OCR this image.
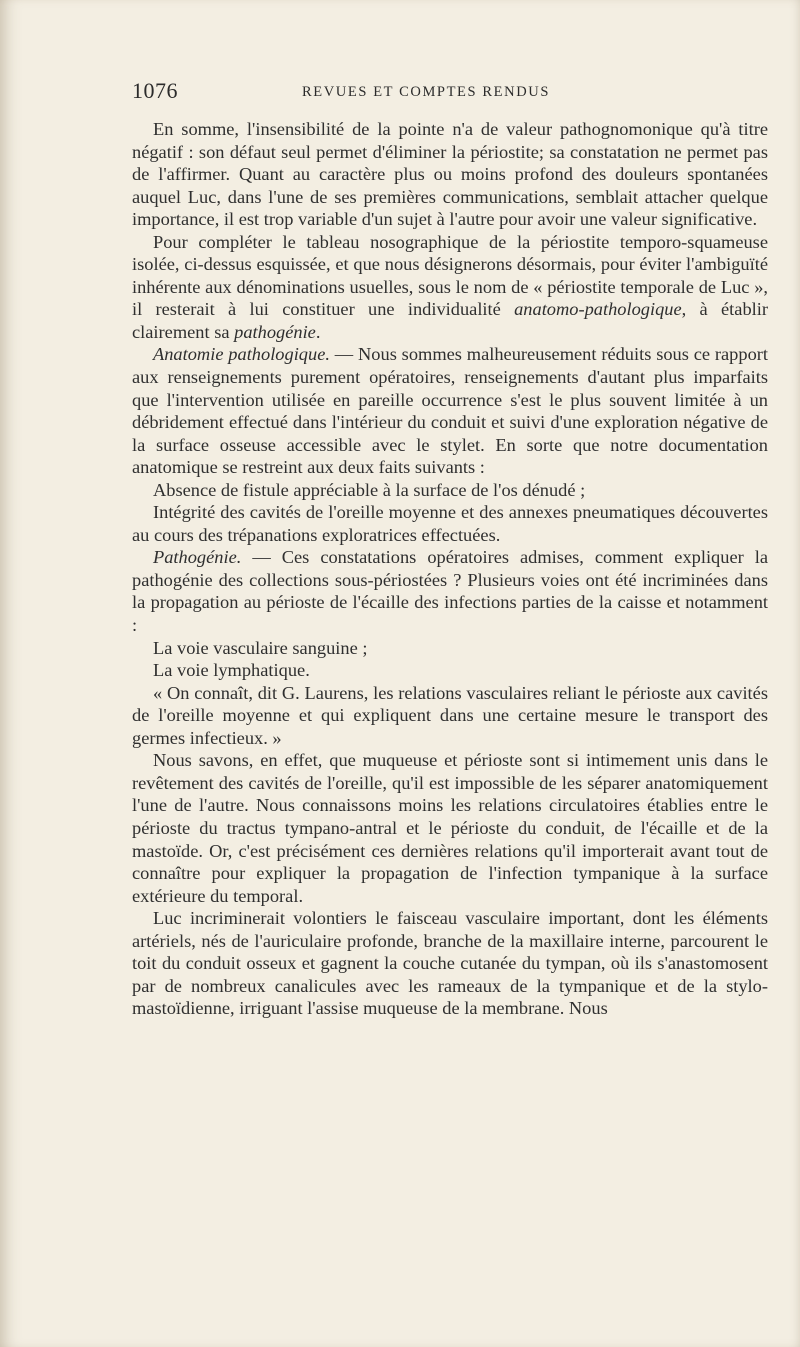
1076	REVUES ET COMPTES RENDUS

En somme, l'insensibilité de la pointe n'a de valeur pathognomonique qu'à titre négatif : son défaut seul permet d'éliminer la périostite; sa constatation ne permet pas de l'affirmer. Quant au caractère plus ou moins profond des douleurs spontanées auquel Luc, dans l'une de ses premières communications, semblait attacher quelque importance, il est trop variable d'un sujet à l'autre pour avoir une valeur significative.

Pour compléter le tableau nosographique de la périostite temporo-squameuse isolée, ci-dessus esquissée, et que nous désignerons désormais, pour éviter l'ambiguïté inhérente aux dénominations usuelles, sous le nom de « périostite temporale de Luc », il resterait à lui constituer une individualité anatomo-pathologique, à établir clairement sa pathogénie.

Anatomie pathologique. — Nous sommes malheureusement réduits sous ce rapport aux renseignements purement opératoires, renseignements d'autant plus imparfaits que l'intervention utilisée en pareille occurrence s'est le plus souvent limitée à un débridement effectué dans l'intérieur du conduit et suivi d'une exploration négative de la surface osseuse accessible avec le stylet. En sorte que notre documentation anatomique se restreint aux deux faits suivants :

Absence de fistule appréciable à la surface de l'os dénudé ;

Intégrité des cavités de l'oreille moyenne et des annexes pneumatiques découvertes au cours des trépanations exploratrices effectuées.

Pathogénie. — Ces constatations opératoires admises, comment expliquer la pathogénie des collections sous-périostées ? Plusieurs voies ont été incriminées dans la propagation au périoste de l'écaille des infections parties de la caisse et notamment :

La voie vasculaire sanguine ;

La voie lymphatique.

« On connaît, dit G. Laurens, les relations vasculaires reliant le périoste aux cavités de l'oreille moyenne et qui expliquent dans une certaine mesure le transport des germes infectieux. »

Nous savons, en effet, que muqueuse et périoste sont si intimement unis dans le revêtement des cavités de l'oreille, qu'il est impossible de les séparer anatomiquement l'une de l'autre. Nous connaissons moins les relations circulatoires établies entre le périoste du tractus tympano-antral et le périoste du conduit, de l'écaille et de la mastoïde. Or, c'est précisément ces dernières relations qu'il importerait avant tout de connaître pour expliquer la propagation de l'infection tympanique à la surface extérieure du temporal.

Luc incriminerait volontiers le faisceau vasculaire important, dont les éléments artériels, nés de l'auriculaire profonde, branche de la maxillaire interne, parcourent le toit du conduit osseux et gagnent la couche cutanée du tympan, où ils s'anastomosent par de nombreux canalicules avec les rameaux de la tympanique et de la stylo-mastoïdienne, irriguant l'assise muqueuse de la membrane. Nous
